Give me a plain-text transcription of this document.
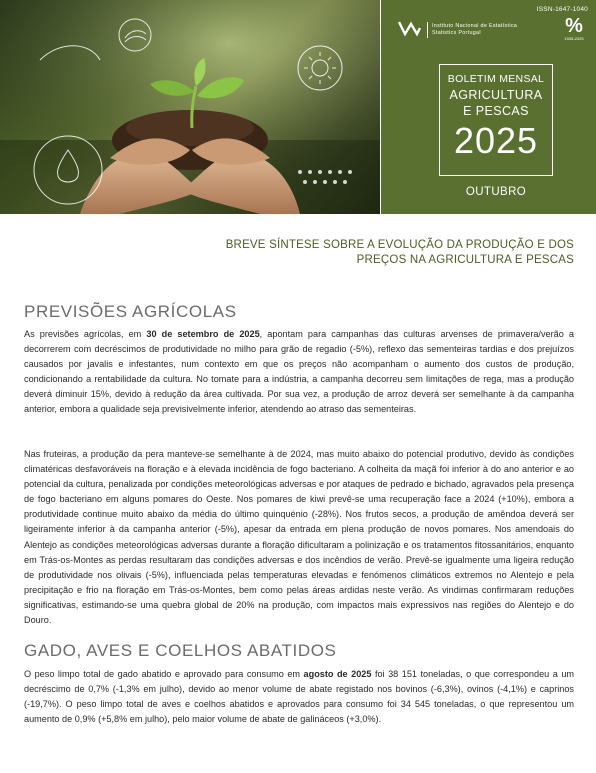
ISSN-1647-1040
Instituto Nacional de Estatística
Statistics Portugal	%
1935-2025
BOLETIM MENSAL
AGRICULTURA
E PESCAS
2025
OUTUBRO
BREVE SÍNTESE SOBRE A EVOLUÇÃO DA PRODUÇÃO E DOS
PREÇOS NA AGRICULTURA E PESCAS
PREVISÕES AGRÍCOLAS

As previsões agrícolas, em 30 de setembro de 2025, apontam para campanhas das culturas arvenses de primavera/verão a decorrerem com decréscimos de produtividade no milho para grão de regadio (-5%), reflexo das sementeiras tardias e dos prejuízos causados por javalis e infestantes, num contexto em que os preços não acompanham o aumento dos custos de produção, condicionando a rentabilidade da cultura. No tomate para a indústria, a campanha decorreu sem limitações de rega, mas a produção deverá diminuir 15%, devido à redução da área cultivada. Por sua vez, a produção de arroz deverá ser semelhante à da campanha anterior, embora a qualidade seja previsivelmente inferior, atendendo ao atraso das sementeiras.

Nas fruteiras, a produção da pera manteve-se semelhante à de 2024, mas muito abaixo do potencial produtivo, devido às condições climatéricas desfavoráveis na floração e à elevada incidência de fogo bacteriano. A colheita da maçã foi inferior à do ano anterior e ao potencial da cultura, penalizada por condições meteorológicas adversas e por ataques de pedrado e bichado, agravados pela presença de fogo bacteriano em alguns pomares do Oeste. Nos pomares de kiwi prevê-se uma recuperação face a 2024 (+10%), embora a produtividade continue muito abaixo da média do último quinquénio (-28%). Nos frutos secos, a produção de amêndoa deverá ser ligeiramente inferior à da campanha anterior (-5%), apesar da entrada em plena produção de novos pomares. Nos amendoais do Alentejo as condições meteorológicas adversas durante a floração dificultaram a polinização e os tratamentos fitossanitários, enquanto em Trás-os-Montes as perdas resultaram das condições adversas e dos incêndios de verão. Prevê-se igualmente uma ligeira redução de produtividade nos olivais (-5%), influenciada pelas temperaturas elevadas e fenómenos climáticos extremos no Alentejo e pela precipitação e frio na floração em Trás-os-Montes, bem como pelas áreas ardidas neste verão. As vindimas confirmaram reduções significativas, estimando-se uma quebra global de 20% na produção, com impactos mais expressivos nas regiões do Alentejo e do Douro.

GADO, AVES E COELHOS ABATIDOS

O peso limpo total de gado abatido e aprovado para consumo em agosto de 2025 foi 38 151 toneladas, o que correspondeu a um decréscimo de 0,7% (-1,3% em julho), devido ao menor volume de abate registado nos bovinos (-6,3%), ovinos (-4,1%) e caprinos (-19,7%). O peso limpo total de aves e coelhos abatidos e aprovados para consumo foi 34 545 toneladas, o que representou um aumento de 0,9% (+5,8% em julho), pelo maior volume de abate de galináceos (+3,0%).
